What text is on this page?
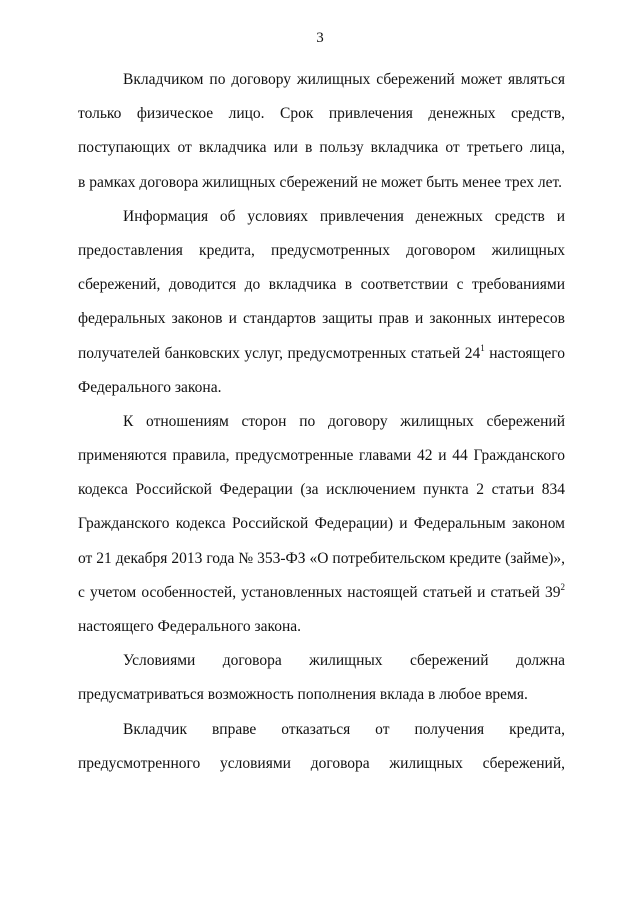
3
Вкладчиком по договору жилищных сбережений может являться
только физическое лицо. Срок привлечения денежных средств,
поступающих от вкладчика или в пользу вкладчика от третьего лица,
в рамках договора жилищных сбережений не может быть менее трех лет.
Информация об условиях привлечения денежных средств и
предоставления кредита, предусмотренных договором жилищных
сбережений, доводится до вкладчика в соответствии с требованиями
федеральных законов и стандартов защиты прав и законных интересов
получателей банковских услуг, предусмотренных статьей $24^1$ настоящего
Федерального закона.
К отношениям сторон по договору жилищных сбережений
применяются правила, предусмотренные главами 42 и 44 Гражданского
кодекса Российской Федерации (за исключением пункта 2 статьи 834
Гражданского кодекса Российской Федерации) и Федеральным законом
от 21 декабря 2013 года № 353-ФЗ «О потребительском кредите (займе)»,
с учетом особенностей, установленных настоящей статьей и статьей $39^2$
настоящего Федерального закона.
Условиями договора жилищных сбережений должна
предусматриваться возможность пополнения вклада в любое время.
Вкладчик вправе отказаться от получения кредита,
предусмотренного условиями договора жилищных сбережений,
